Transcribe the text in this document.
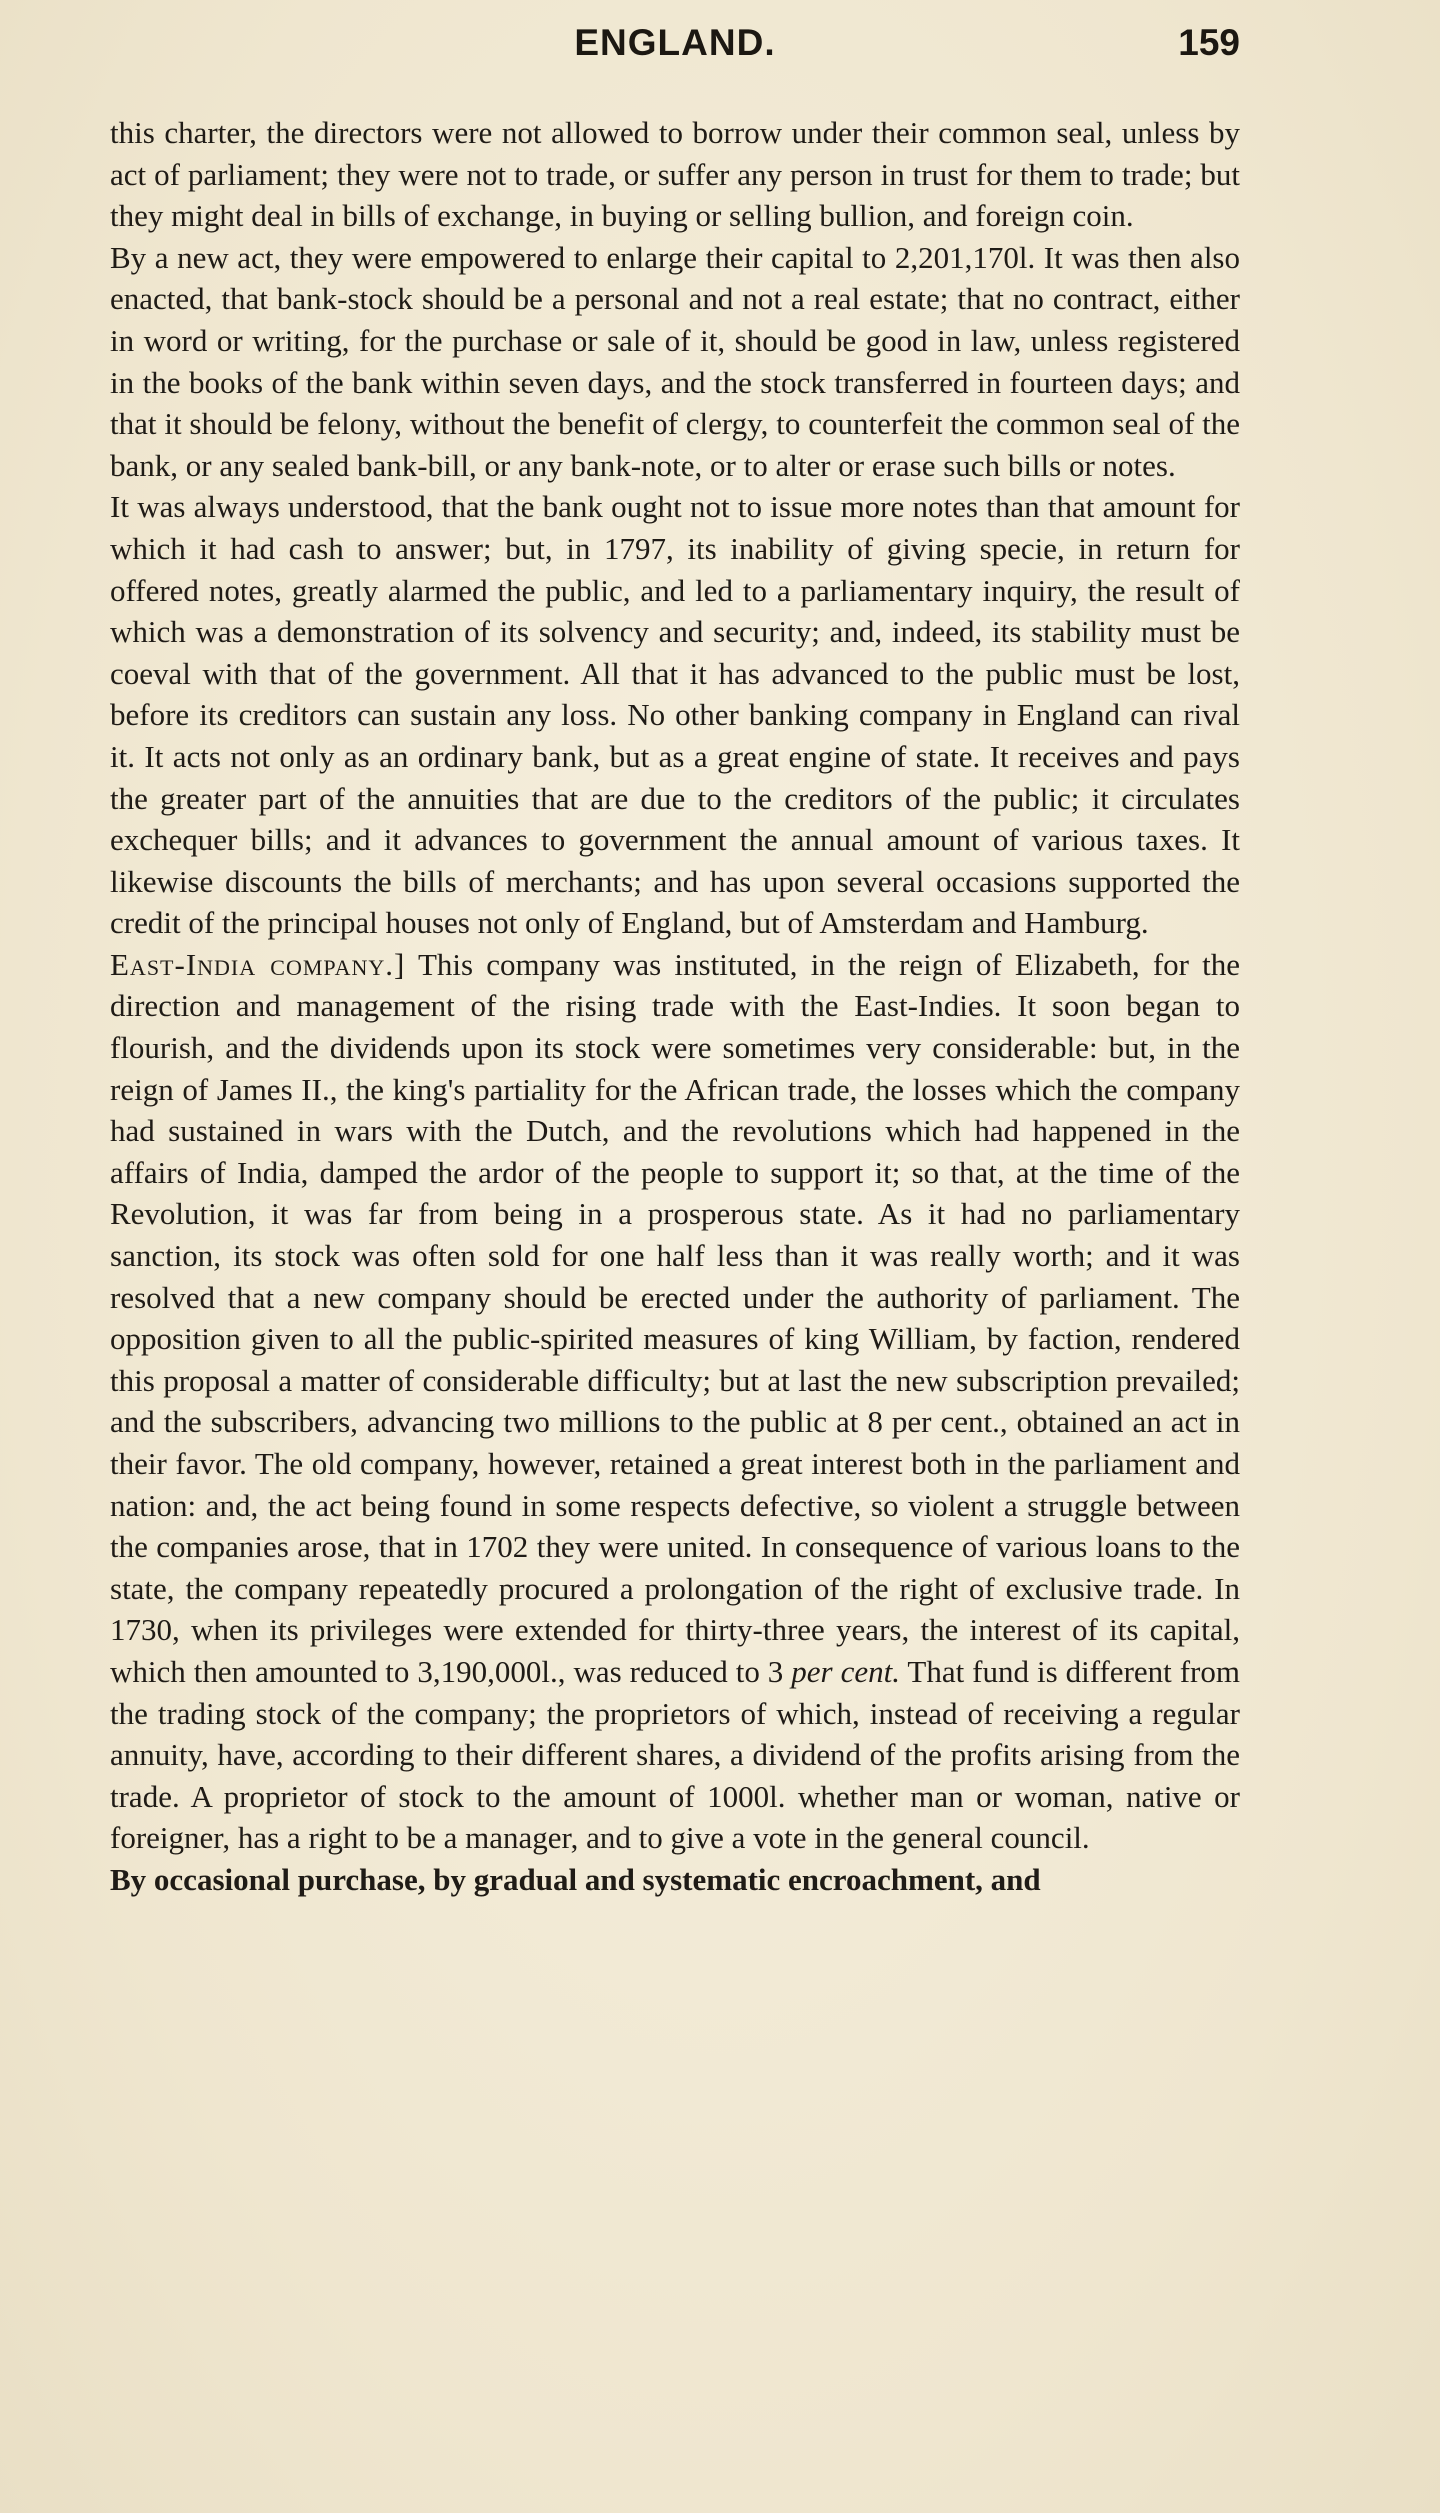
ENGLAND.	159

this charter, the directors were not allowed to borrow under their common seal, unless by act of parliament; they were not to trade, or suffer any person in trust for them to trade; but they might deal in bills of exchange, in buying or selling bullion, and foreign coin.

By a new act, they were empowered to enlarge their capital to 2,201,170l. It was then also enacted, that bank-stock should be a personal and not a real estate; that no contract, either in word or writing, for the purchase or sale of it, should be good in law, unless registered in the books of the bank within seven days, and the stock transferred in fourteen days; and that it should be felony, without the benefit of clergy, to counterfeit the common seal of the bank, or any sealed bank-bill, or any bank-note, or to alter or erase such bills or notes.

It was always understood, that the bank ought not to issue more notes than that amount for which it had cash to answer; but, in 1797, its inability of giving specie, in return for offered notes, greatly alarmed the public, and led to a parliamentary inquiry, the result of which was a demonstration of its solvency and security; and, indeed, its stability must be coeval with that of the government. All that it has advanced to the public must be lost, before its creditors can sustain any loss. No other banking company in England can rival it. It acts not only as an ordinary bank, but as a great engine of state. It receives and pays the greater part of the annuities that are due to the creditors of the public; it circulates exchequer bills; and it advances to government the annual amount of various taxes. It likewise discounts the bills of merchants; and has upon several occasions supported the credit of the principal houses not only of England, but of Amsterdam and Hamburg.

East-India company.] This company was instituted, in the reign of Elizabeth, for the direction and management of the rising trade with the East-Indies. It soon began to flourish, and the dividends upon its stock were sometimes very considerable: but, in the reign of James II., the king's partiality for the African trade, the losses which the company had sustained in wars with the Dutch, and the revolutions which had happened in the affairs of India, damped the ardor of the people to support it; so that, at the time of the Revolution, it was far from being in a prosperous state. As it had no parliamentary sanction, its stock was often sold for one half less than it was really worth; and it was resolved that a new company should be erected under the authority of parliament. The opposition given to all the public-spirited measures of king William, by faction, rendered this proposal a matter of considerable difficulty; but at last the new subscription prevailed; and the subscribers, advancing two millions to the public at 8 per cent., obtained an act in their favor. The old company, however, retained a great interest both in the parliament and nation: and, the act being found in some respects defective, so violent a struggle between the companies arose, that in 1702 they were united. In consequence of various loans to the state, the company repeatedly procured a prolongation of the right of exclusive trade. In 1730, when its privileges were extended for thirty-three years, the interest of its capital, which then amounted to 3,190,000l., was reduced to 3 per cent. That fund is different from the trading stock of the company; the proprietors of which, instead of receiving a regular annuity, have, according to their different shares, a dividend of the profits arising from the trade. A proprietor of stock to the amount of 1000l. whether man or woman, native or foreigner, has a right to be a manager, and to give a vote in the general council.

By occasional purchase, by gradual and systematic encroachment, and
